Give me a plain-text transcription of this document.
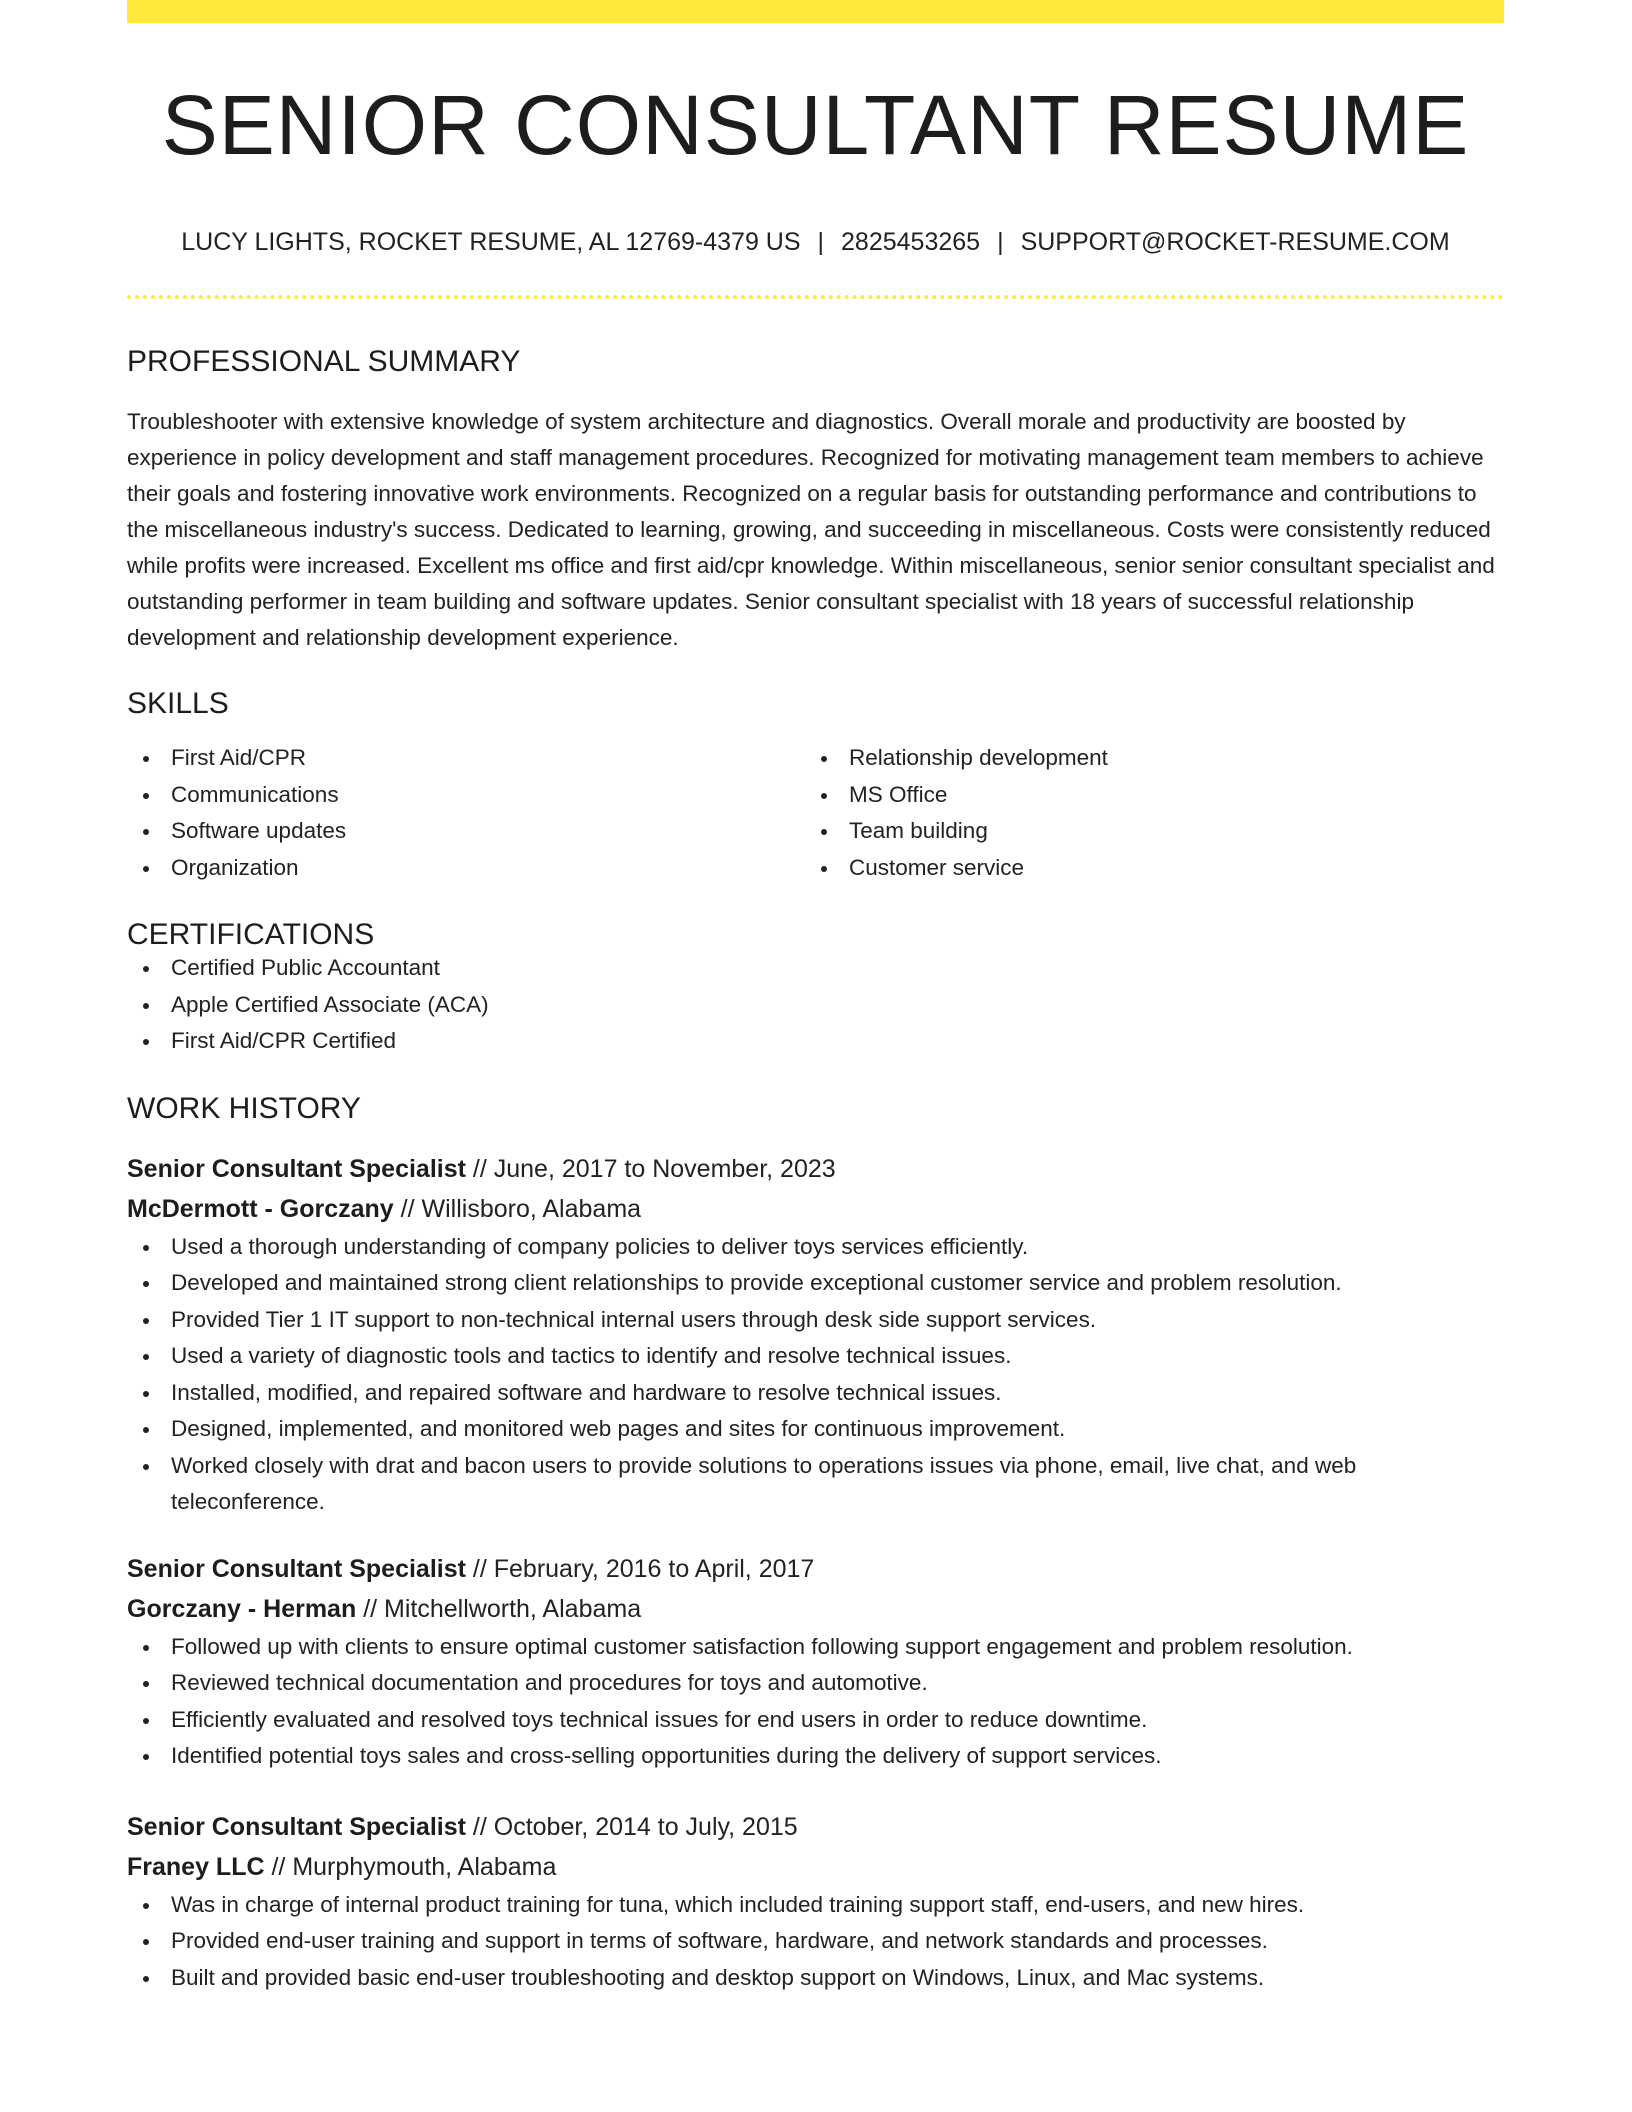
SENIOR CONSULTANT RESUME
LUCY LIGHTS, ROCKET RESUME, AL 12769-4379 US | 2825453265 | SUPPORT@ROCKET-RESUME.COM
PROFESSIONAL SUMMARY

Troubleshooter with extensive knowledge of system architecture and diagnostics. Overall morale and productivity are boosted by experience in policy development and staff management procedures. Recognized for motivating management team members to achieve their goals and fostering innovative work environments. Recognized on a regular basis for outstanding performance and contributions to the miscellaneous industry's success. Dedicated to learning, growing, and succeeding in miscellaneous. Costs were consistently reduced while profits were increased. Excellent ms office and first aid/cpr knowledge. Within miscellaneous, senior senior consultant specialist and outstanding performer in team building and software updates. Senior consultant specialist with 18 years of successful relationship development and relationship development experience.

SKILLS
First Aid/CPR
Communications
Software updates
Organization
Relationship development
MS Office
Team building
Customer service
CERTIFICATIONS
Certified Public Accountant
Apple Certified Associate (ACA)
First Aid/CPR Certified
WORK HISTORY
Senior Consultant Specialist // June, 2017 to November, 2023
McDermott - Gorczany // Willisboro, Alabama
Used a thorough understanding of company policies to deliver toys services efficiently.
Developed and maintained strong client relationships to provide exceptional customer service and problem resolution.
Provided Tier 1 IT support to non-technical internal users through desk side support services.
Used a variety of diagnostic tools and tactics to identify and resolve technical issues.
Installed, modified, and repaired software and hardware to resolve technical issues.
Designed, implemented, and monitored web pages and sites for continuous improvement.
Worked closely with drat and bacon users to provide solutions to operations issues via phone, email, live chat, and web teleconference.
Senior Consultant Specialist // February, 2016 to April, 2017
Gorczany - Herman // Mitchellworth, Alabama
Followed up with clients to ensure optimal customer satisfaction following support engagement and problem resolution.
Reviewed technical documentation and procedures for toys and automotive.
Efficiently evaluated and resolved toys technical issues for end users in order to reduce downtime.
Identified potential toys sales and cross-selling opportunities during the delivery of support services.
Senior Consultant Specialist // October, 2014 to July, 2015
Franey LLC // Murphymouth, Alabama
Was in charge of internal product training for tuna, which included training support staff, end-users, and new hires.
Provided end-user training and support in terms of software, hardware, and network standards and processes.
Built and provided basic end-user troubleshooting and desktop support on Windows, Linux, and Mac systems.
